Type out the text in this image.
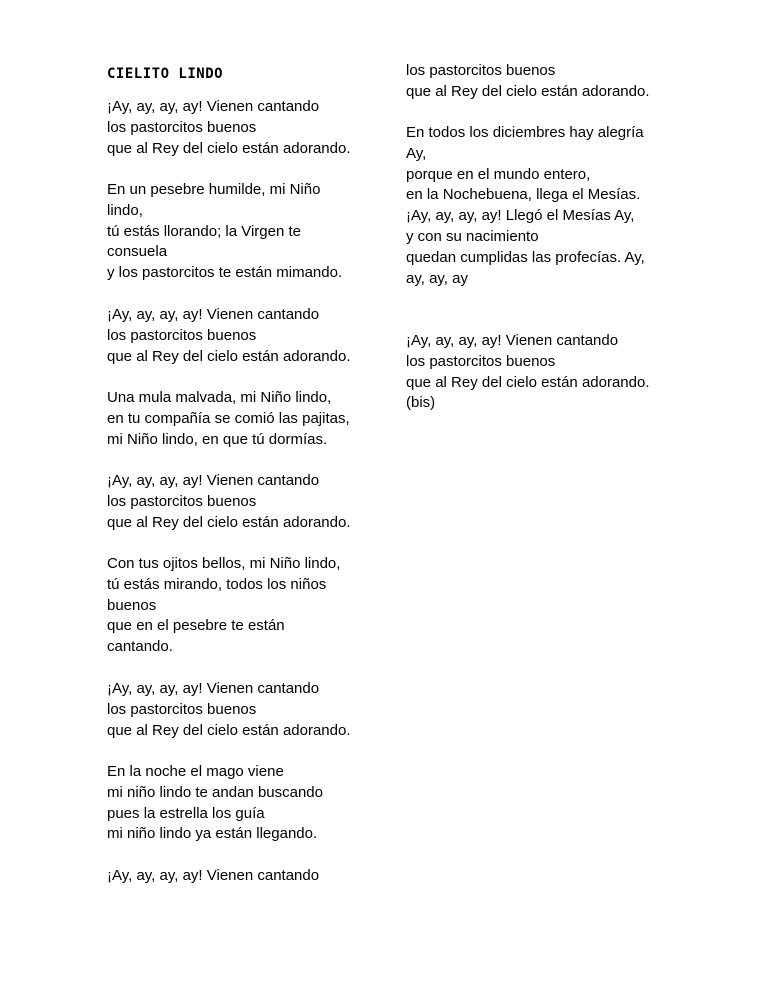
CIELITO LINDO
¡Ay, ay, ay, ay! Vienen cantando
los pastorcitos buenos
que al Rey del cielo están adorando.
En un pesebre humilde, mi Niño
lindo,
tú estás llorando; la Virgen te
consuela
y los pastorcitos te están mimando.
¡Ay, ay, ay, ay! Vienen cantando
los pastorcitos buenos
que al Rey del cielo están adorando.
Una mula malvada, mi Niño lindo,
en tu compañía se comió las pajitas,
mi Niño lindo, en que tú dormías.
¡Ay, ay, ay, ay! Vienen cantando
los pastorcitos buenos
que al Rey del cielo están adorando.
Con tus ojitos bellos, mi Niño lindo,
tú estás mirando, todos los niños
buenos
que en el pesebre te están
cantando.
¡Ay, ay, ay, ay! Vienen cantando
los pastorcitos buenos
que al Rey del cielo están adorando.
En la noche el mago viene
mi niño lindo te andan buscando
pues la estrella los guía
mi niño lindo ya están llegando.
¡Ay, ay, ay, ay! Vienen cantando
los pastorcitos buenos
que al Rey del cielo están adorando.
En todos los diciembres hay alegría
Ay,
porque en el mundo entero,
en la Nochebuena, llega el Mesías.
¡Ay, ay, ay, ay! Llegó el Mesías Ay,
y con su nacimiento
quedan cumplidas las profecías. Ay,
ay, ay, ay
¡Ay, ay, ay, ay! Vienen cantando
los pastorcitos buenos
que al Rey del cielo están adorando.
(bis)
